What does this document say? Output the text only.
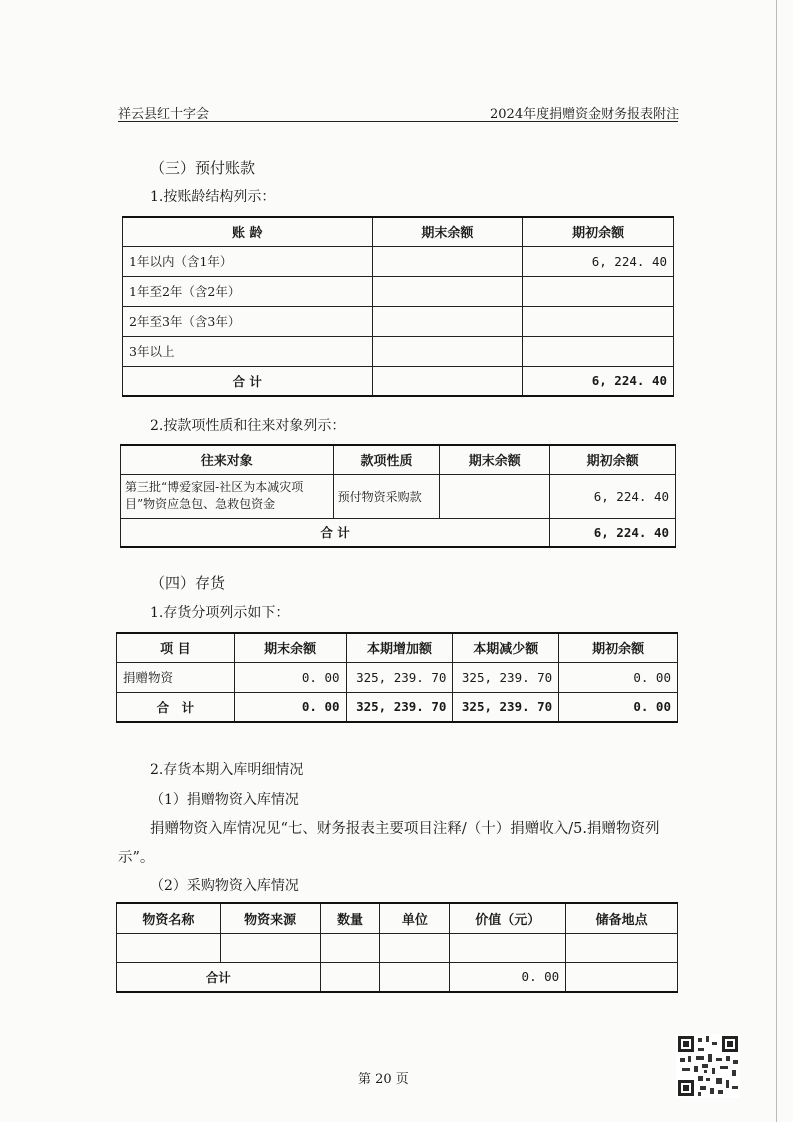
祥云县红十字会	2024年度捐赠资金财务报表附注
（三）预付账款
1.按账龄结构列示：
账 龄	期末余额	期初余额
1年以内（含1年）		6, 224. 40
1年至2年（含2年）		
2年至3年（含3年）		
3年以上		
合 计		6, 224. 40
2.按款项性质和往来对象列示：
往来对象	款项性质	期末余额	期初余额
第三批“博爱家园-社区为本减灾项目”物资应急包、急救包资金	预付物资采购款		6, 224. 40
合 计			6, 224. 40
（四）存货
1.存货分项列示如下：
项 目	期末余额	本期增加额	本期减少额	期初余额
捐赠物资	0. 00	325, 239. 70	325, 239. 70	0. 00
合　计	0. 00	325, 239. 70	325, 239. 70	0. 00
2.存货本期入库明细情况
（1）捐赠物资入库情况
捐赠物资入库情况见“七、财务报表主要项目注释/（十）捐赠收入/5.捐赠物资列示”。
（2）采购物资入库情况
物资名称	物资来源	数量	单位	价值（元）	储备地点

合计				0. 00	
第 20 页
